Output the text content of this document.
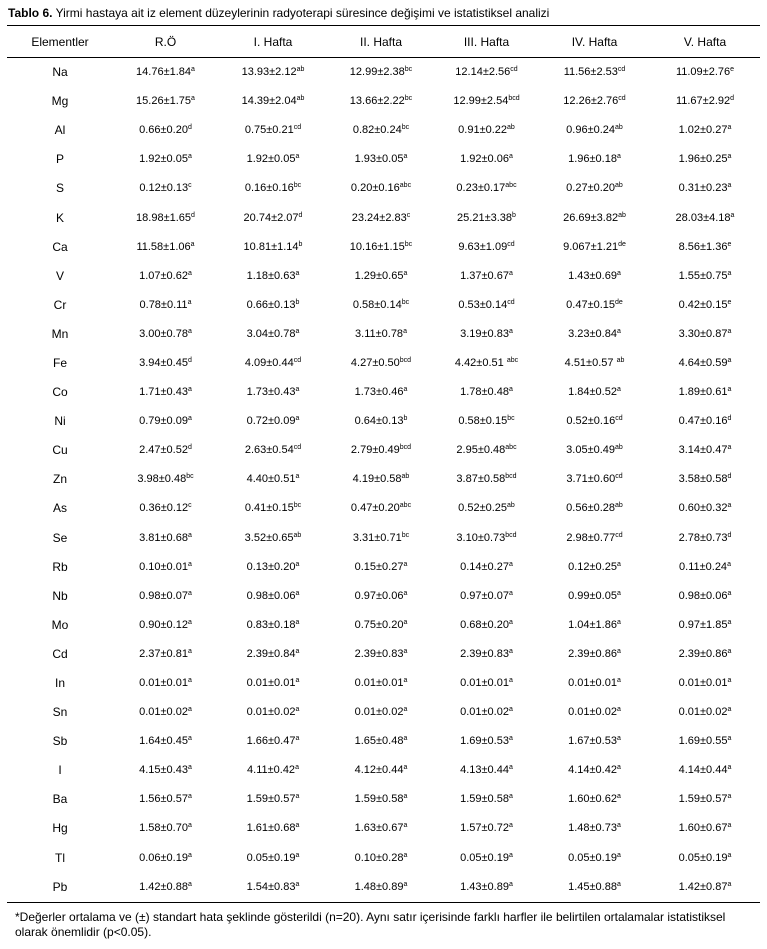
Tablo 6. Yirmi hastaya ait iz element düzeylerinin radyoterapi süresince değişimi ve istatistiksel analizi
Elementler	R.Ö	I. Hafta	II. Hafta	III. Hafta	IV. Hafta	V. Hafta
Na	14.76±1.84$^a$	13.93±2.12$^{ab}$	12.99±2.38$^{bc}$	12.14±2.56$^{cd}$	11.56±2.53$^{cd}$	11.09±2.76$^e$
Mg	15.26±1.75$^a$	14.39±2.04$^{ab}$	13.66±2.22$^{bc}$	12.99±2.54$^{bcd}$	12.26±2.76$^{cd}$	11.67±2.92$^d$
Al	0.66±0.20$^d$	0.75±0.21$^{cd}$	0.82±0.24$^{bc}$	0.91±0.22$^{ab}$	0.96±0.24$^{ab}$	1.02±0.27$^a$
P	1.92±0.05$^a$	1.92±0.05$^a$	1.93±0.05$^a$	1.92±0.06$^a$	1.96±0.18$^a$	1.96±0.25$^a$
S	0.12±0.13$^c$	0.16±0.16$^{bc}$	0.20±0.16$^{abc}$	0.23±0.17$^{abc}$	0.27±0.20$^{ab}$	0.31±0.23$^a$
K	18.98±1.65$^d$	20.74±2.07$^d$	23.24±2.83$^c$	25.21±3.38$^b$	26.69±3.82$^{ab}$	28.03±4.18$^a$
Ca	11.58±1.06$^a$	10.81±1.14$^b$	10.16±1.15$^{bc}$	9.63±1.09$^{cd}$	9.067±1.21de	8.56±1.36$^e$
V	1.07±0.62$^a$	1.18±0.63$^a$	1.29±0.65$^a$	1.37±0.67$^a$	1.43±0.69$^a$	1.55±0.75$^a$
Cr	0.78±0.11$^a$	0.66±0.13$^b$	0.58±0.14$^{bc}$	0.53±0.14$^{cd}$	0.47±0.15de	0.42±0.15$^e$
Mn	3.00±0.78$^a$	3.04±0.78$^a$	3.11±0.78$^a$	3.19±0.83$^a$	3.23±0.84$^a$	3.30±0.87$^a$
Fe	3.94±0.45$^d$	4.09±0.44$^{cd}$	4.27±0.50$^{bcd}$	4.42±0.51 $^{abc}$	4.51±0.57 $^{ab}$	4.64±0.59$^a$
Co	1.71±0.43$^a$	1.73±0.43$^a$	1.73±0.46$^a$	1.78±0.48$^a$	1.84±0.52$^a$	1.89±0.61$^a$
Ni	0.79±0.09$^a$	0.72±0.09$^a$	0.64±0.13$^b$	0.58±0.15$^{bc}$	0.52±0.16$^{cd}$	0.47±0.16$^d$
Cu	2.47±0.52$^d$	2.63±0.54$^{cd}$	2.79±0.49$^{bcd}$	2.95±0.48$^{abc}$	3.05±0.49$^{ab}$	3.14±0.47$^a$
Zn	3.98±0.48$^{bc}$	4.40±0.51$^a$	4.19±0.58$^{ab}$	3.87±0.58$^{bcd}$	3.71±0.60$^{cd}$	3.58±0.58$^d$
As	0.36±0.12$^c$	0.41±0.15$^{bc}$	0.47±0.20$^{abc}$	0.52±0.25$^{ab}$	0.56±0.28$^{ab}$	0.60±0.32$^a$
Se	3.81±0.68$^a$	3.52±0.65$^{ab}$	3.31±0.71$^{bc}$	3.10±0.73$^{bcd}$	2.98±0.77$^{cd}$	2.78±0.73$^d$
Rb	0.10±0.01$^a$	0.13±0.20$^a$	0.15±0.27$^a$	0.14±0.27$^a$	0.12±0.25$^a$	0.11±0.24$^a$
Nb	0.98±0.07$^a$	0.98±0.06$^a$	0.97±0.06$^a$	0.97±0.07$^a$	0.99±0.05$^a$	0.98±0.06$^a$
Mo	0.90±0.12$^a$	0.83±0.18$^a$	0.75±0.20$^a$	0.68±0.20$^a$	1.04±1.86$^a$	0.97±1.85$^a$
Cd	2.37±0.81$^a$	2.39±0.84$^a$	2.39±0.83$^a$	2.39±0.83$^a$	2.39±0.86$^a$	2.39±0.86$^a$
In	0.01±0.01$^a$	0.01±0.01$^a$	0.01±0.01$^a$	0.01±0.01$^a$	0.01±0.01$^a$	0.01±0.01$^a$
Sn	0.01±0.02$^a$	0.01±0.02$^a$	0.01±0.02$^a$	0.01±0.02$^a$	0.01±0.02$^a$	0.01±0.02$^a$
Sb	1.64±0.45$^a$	1.66±0.47$^a$	1.65±0.48$^a$	1.69±0.53$^a$	1.67±0.53$^a$	1.69±0.55$^a$
I	4.15±0.43$^a$	4.11±0.42$^a$	4.12±0.44$^a$	4.13±0.44$^a$	4.14±0.42$^a$	4.14±0.44$^a$
Ba	1.56±0.57$^a$	1.59±0.57$^a$	1.59±0.58$^a$	1.59±0.58$^a$	1.60±0.62$^a$	1.59±0.57$^a$
Hg	1.58±0.70$^a$	1.61±0.68$^a$	1.63±0.67$^a$	1.57±0.72$^a$	1.48±0.73$^a$	1.60±0.67$^a$
Tl	0.06±0.19$^a$	0.05±0.19$^a$	0.10±0.28$^a$	0.05±0.19$^a$	0.05±0.19$^a$	0.05±0.19$^a$
Pb	1.42±0.88$^a$	1.54±0.83$^a$	1.48±0.89$^a$	1.43±0.89$^a$	1.45±0.88$^a$	1.42±0.87$^a$
*Değerler ortalama ve (±) standart hata şeklinde gösterildi (n=20). Aynı satır içerisinde farklı harfler ile belirtilen ortalamalar istatistiksel olarak önemlidir (p<0.05).
